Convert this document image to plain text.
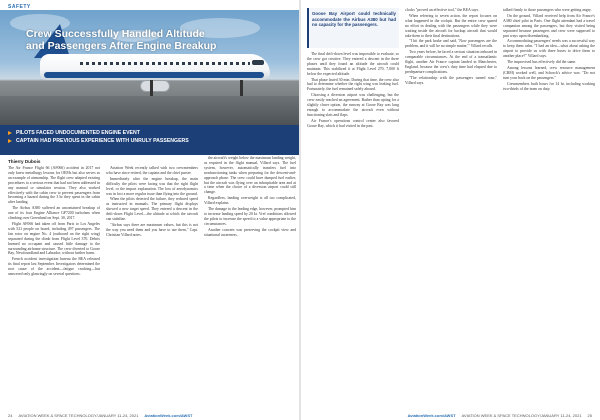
SAFETY
Crew Successfully Handled Altitude and Passengers After Engine Breakup
PILOTS FACED UNDOCUMENTED ENGINE EVENT
CAPTAIN HAD PREVIOUS EXPERIENCE WITH UNRULY PASSENGERS
Thierry Dubois

The Air France Flight 66 (AF066) accident in 2017 not only knew metallurgy lessons for OEMs but also serves as an example of airmanship. The flight crew adapted existing procedures to a serious event that had not been addressed in any manual or simulator session. They also worked effectively with the cabin crew to prevent passengers from becoming a hazard during the 3 hr they spent in the cabin after landing.

The Airbus A380 suffered an uncontained breakup of one of its four Engine Alliance GP7200 turbofans when climbing over Greenland on Sept. 30, 2017.

Flight AF066 had taken off from Paris to Los Angeles with 521 people on board, including 497 passengers. The fan rotor on engine No. 4 (outboard on the right wing) separated during the climb from Flight Level 370. Debris harmed no occupant and caused little damage to the surrounding airframe structure. The crew diverted to Goose Bay, Newfoundland and Labrador, without further harm.

French accident investigation bureau the BEA released its final report last September. Investigators determined the root cause of the accident—fatigue cracking—but answered only glancingly on several questions.

Aviation Week recently talked with two crewmembers who have since retired, the captain and the chief purser.

Immediately after the engine breakup, the main difficulty the pilots were facing was that the right flight level, or the impact explanation. The loss of aerodynamics was in fact a more regular issue than flying into the ground.

When the pilots detected the failure, they reduced speed as instructed in manuals. The primary flight displays showed a new target speed. They entered a descent in the drift-down Flight Level—the altitude at which the aircraft can stabilize.

"Airbus says there are maximum values, but this is not the way you need them and you have to use them," Capt. Christian Villard notes.

the aircraft's weight below the maximum landing weight, as required in the flight manual, Villard says. The fuel system, however, automatically transfers fuel into nonfunctioning tanks when preparing for the descent-and-approach phase. The crew could have dumped fuel earlier, but the aircraft was flying over an inhospitable area and at a time when the choice of a diversion airport could still change.

Regardless, landing overweight is all too complicated, Villard explains.

The damage to the leading edge, however, prompted him to increase landing speed by 20 kt. Vref conditions allowed the pilots to increase the speed to a value appropriate to the circumstances.

Another concern was preserving the cockpit view and situational awareness.

24 AVIATION WEEK & SPACE TECHNOLOGY/JANUARY 11-24, 2021 AviationWeek.com/AWST
Goose Bay Airport could technically accommodate the Airbus A380 but had no capacity for the passengers.

The final drift-down level was impossible to evaluate, so the crew got creative. They entered a descent in the three phases until they found an altitude the aircraft could maintain. This stabilized it at Flight Level 270, 7,000 ft below the expected altitude.

That phase lasted 30 min. During that time, the crew also had to determine whether the right wing was leaking fuel. Fortunately, the fuel remained safely aboard.

Choosing a diversion airport was challenging, but the crew easily reached an agreement. Rather than opting for a slightly closer option, the runway at Goose Bay was long enough to accommodate the aircraft even without functioning slats and flaps.

Air France's operations control center also favored Goose Bay, which it had visited in the past.

clocks "proved an effective tool," the BEA says.

When referring to seven action, the report focuses on what happened in the cockpit. But the entire crew spared no effort in dealing with the passengers while they were waiting inside the aircraft for backup aircraft that would take them to their final destinations.

"I hit the park brake and said, 'Now passengers are the problem, and it will be no simple matter,'" Villard recalls.

Two years before, he faced a serious situation onboard in comparable circumstances. At the end of a transatlantic flight, another Air France captain landed in Manchester, England, because the crew's duty time had elapsed due to predeparture complications.

"The relationship with the passengers turned sour," Villard says.

talked firmly to those passengers who were getting angry.

On the ground, Villard received help from Air France's A380 chief pilot in Paris. One flight attendant had a travel companion among the passengers, but they visited being separated because passengers and crew were supposed to part ways upon disembarking.

Accommodating passengers' needs was a successful way to keep them calm. "I had an idea—what about asking the airport to provide us with three buses to drive them to another place?" Villard says.

The improvised bus effectively did the same.

Among lessons learned, crew resource management (CRM) worked well, and Schorck's advice was: "Do not turn your back on the passengers."

Crewmembers built hours for 14 hr, including working two-thirds of the team on duty.

AviationWeek.com/AWST AVIATION WEEK & SPACE TECHNOLOGY/JANUARY 11-24, 2021 25
